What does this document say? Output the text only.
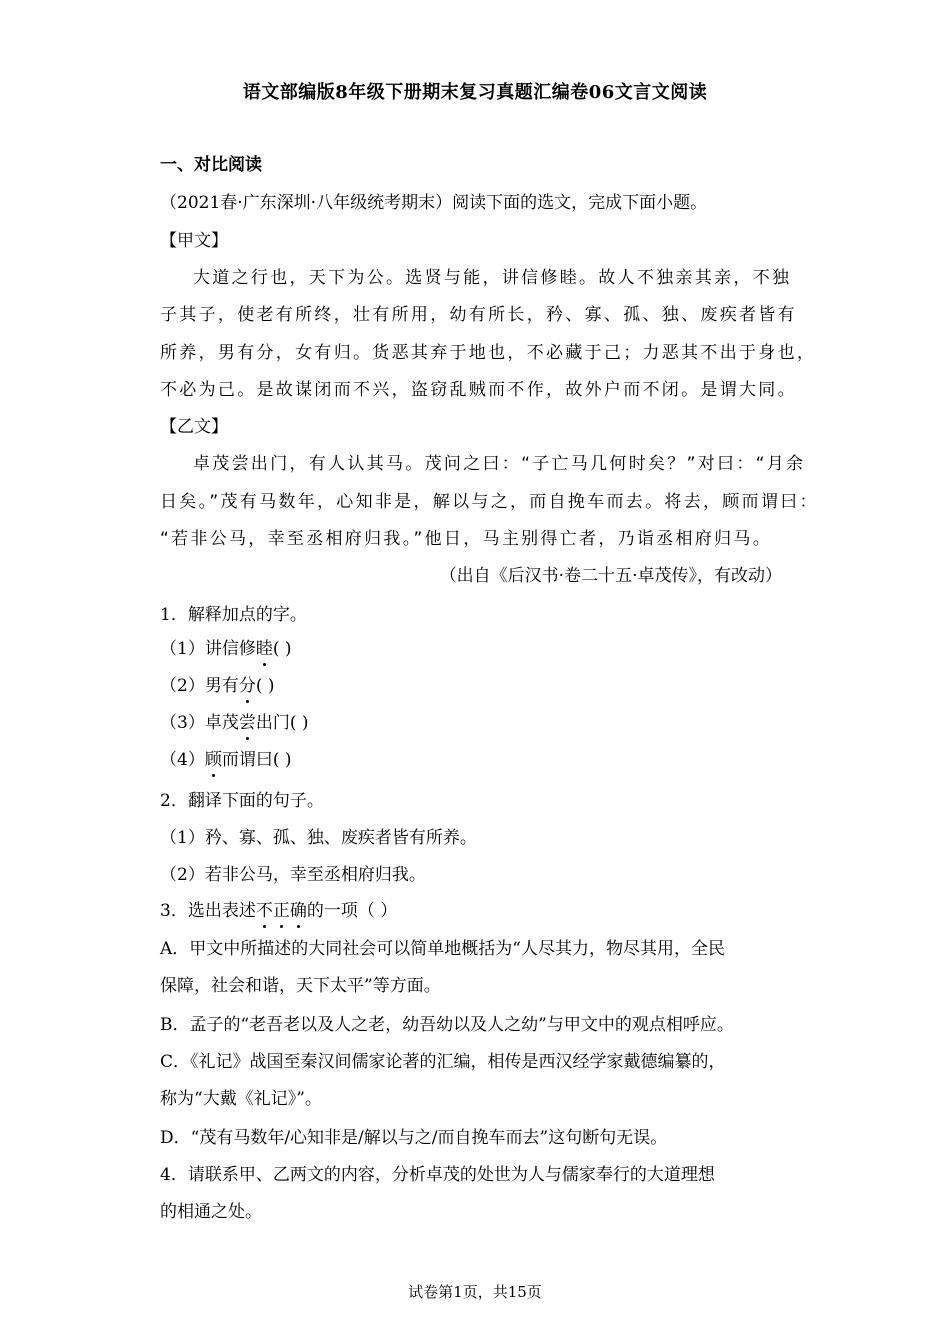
语文部编版8年级下册期末复习真题汇编卷06文言文阅读
一、对比阅读
（2021春·广东深圳·八年级统考期末）阅读下面的选文，完成下面小题。
【甲文】
大道之行也，天下为公。选贤与能，讲信修睦。故人不独亲其亲，不独
子其子，使老有所终，壮有所用，幼有所长，矜、寡、孤、独、废疾者皆有
所养，男有分，女有归。货恶其弃于地也，不必藏于己；力恶其不出于身也，
不必为己。是故谋闭而不兴，盗窃乱贼而不作，故外户而不闭。是谓大同。
【乙文】
卓茂尝出门，有人认其马。茂问之曰：“子亡马几何时矣？”对曰：“月余
日矣。”茂有马数年，心知非是，解以与之，而自挽车而去。将去，顾而谓曰：
“若非公马，幸至丞相府归我。”他日，马主别得亡者，乃诣丞相府归马。
（出自《后汉书·卷二十五·卓茂传》，有改动）
1．解释加点的字。
（1）讲信修睦( )
（2）男有分( )
（3）卓茂尝出门( )
（4）顾而谓曰( )
2．翻译下面的句子。
（1）矜、寡、孤、独、废疾者皆有所养。
（2）若非公马，幸至丞相府归我。
3．选出表述不正确的一项（ ）
A．甲文中所描述的大同社会可以简单地概括为“人尽其力，物尽其用，全民
保障，社会和谐，天下太平”等方面。
B．孟子的“老吾老以及人之老，幼吾幼以及人之幼”与甲文中的观点相呼应。
C．《礼记》战国至秦汉间儒家论著的汇编，相传是西汉经学家戴德编纂的，
称为“大戴《礼记》”。
D．“茂有马数年/心知非是/解以与之/而自挽车而去”这句断句无误。
4．请联系甲、乙两文的内容，分析卓茂的处世为人与儒家奉行的大道理想
的相通之处。
试卷第1页，共15页
